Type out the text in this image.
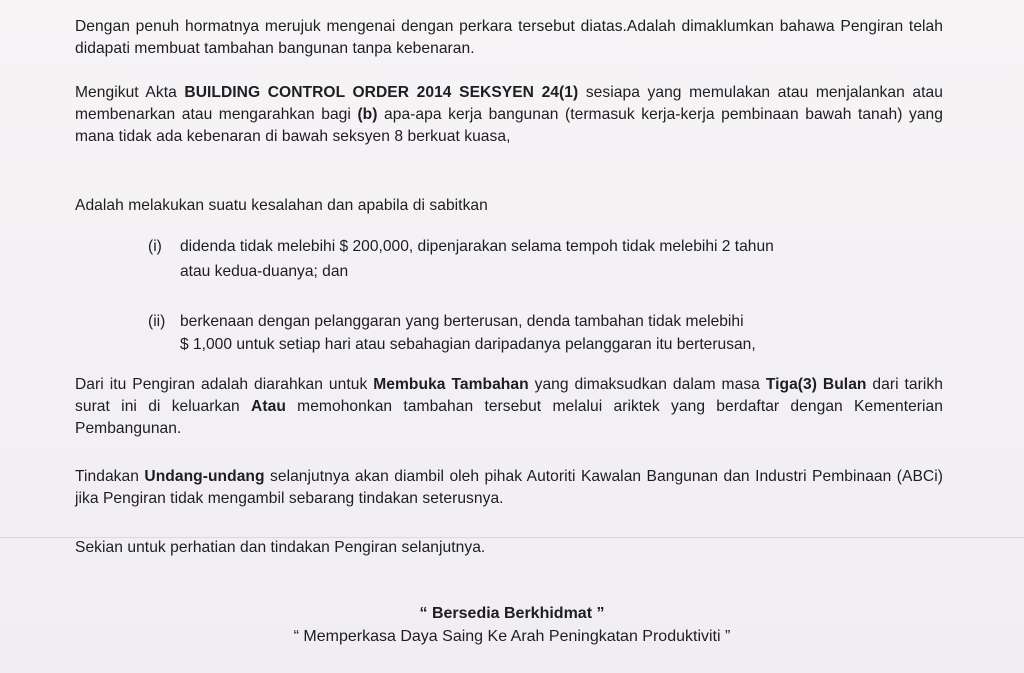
Dengan penuh hormatnya merujuk mengenai dengan perkara tersebut diatas.Adalah dimaklumkan bahawa Pengiran telah didapati membuat tambahan bangunan tanpa kebenaran.

Mengikut Akta BUILDING CONTROL ORDER 2014 SEKSYEN 24(1) sesiapa yang memulakan atau menjalankan atau membenarkan atau mengarahkan bagi (b) apa-apa kerja bangunan (termasuk kerja-kerja pembinaan bawah tanah) yang mana tidak ada kebenaran di bawah seksyen 8 berkuat kuasa,

Adalah melakukan suatu kesalahan dan apabila di sabitkan

(i) didenda tidak melebihi $ 200,000, dipenjarakan selama tempoh tidak melebihi 2 tahun
atau kedua-duanya; dan
(ii) berkenaan dengan pelanggaran yang berterusan, denda tambahan tidak melebihi
$ 1,000 untuk setiap hari atau sebahagian daripadanya pelanggaran itu berterusan,

Dari itu Pengiran adalah diarahkan untuk Membuka Tambahan yang dimaksudkan dalam masa Tiga(3) Bulan dari tarikh surat ini di keluarkan Atau memohonkan tambahan tersebut melalui ariktek yang berdaftar dengan Kementerian Pembangunan.

Tindakan Undang-undang selanjutnya akan diambil oleh pihak Autoriti Kawalan Bangunan dan Industri Pembinaan (ABCi) jika Pengiran tidak mengambil sebarang tindakan seterusnya.

Sekian untuk perhatian dan tindakan Pengiran selanjutnya.

“ Bersedia Berkhidmat ”
“ Memperkasa Daya Saing Ke Arah Peningkatan Produktiviti ”
